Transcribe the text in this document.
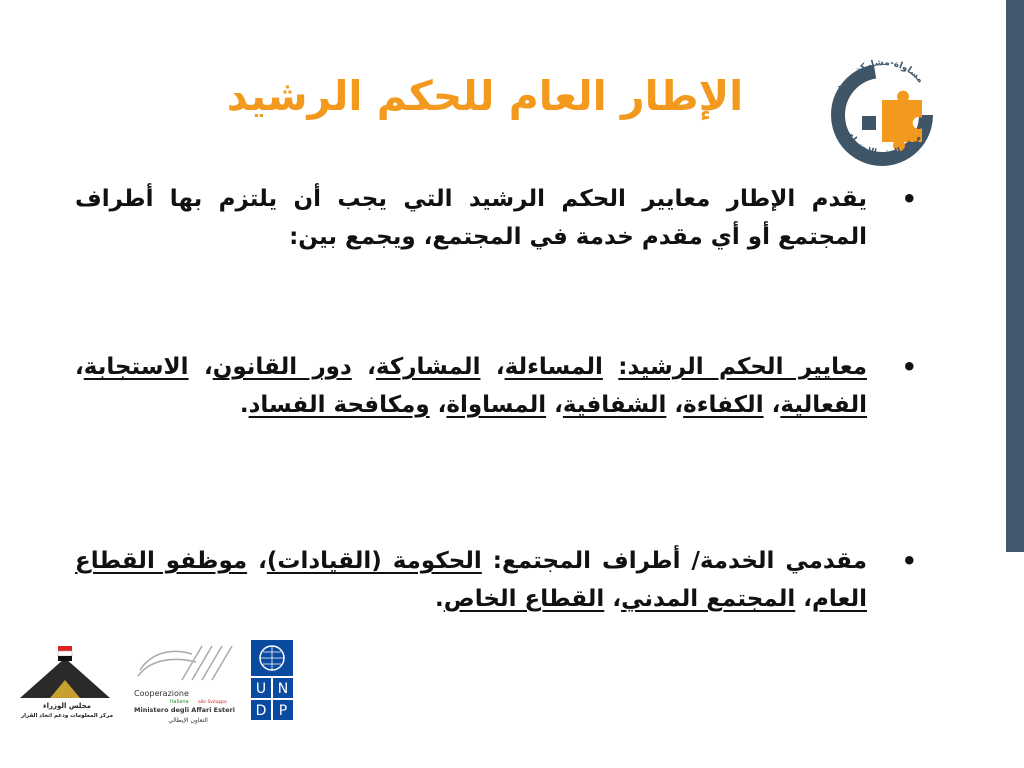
الإطار العام للحكم الرشيد	مساواة-مشاركة-مساءلة
مركز العقد الاجتماعي
•

يقدم الإطار معايير الحكم الرشيد التي يجب أن يلتزم بها أطراف المجتمع أو أي مقدم خدمة في المجتمع، ويجمع بين:

•

معايير الحكم الرشيد: المساءلة، المشاركة، دور القانون، الاستجابة، الفعالية، الكفاءة، الشفافية، المساواة، ومكافحة الفساد.

•

مقدمي الخدمة/ أطراف المجتمع: الحكومة (القيادات)، موظفو القطاع العام، المجتمع المدني، القطاع الخاص.

مجلس الوزراء
مركز المعلومات ودعم اتخاذ القرار
Cooperazione
Italiana allo Sviluppo
Ministero degli Affari Esteri
التعاون الإيطالي
U N
D P
